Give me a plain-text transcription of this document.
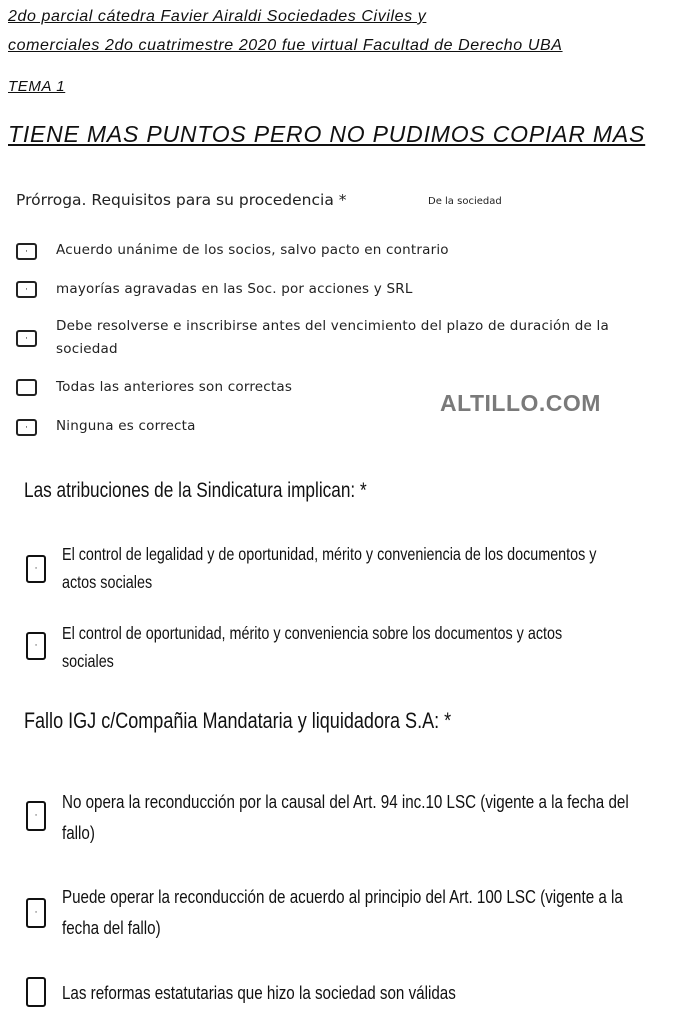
2do parcial cátedra Favier Airaldi Sociedades Civiles y
comerciales 2do cuatrimestre 2020 fue virtual Facultad de Derecho UBA
TEMA 1
TIENE MAS PUNTOS PERO NO PUDIMOS COPIAR MAS
Prórroga. Requisitos para su procedencia *	De la sociedad
· Acuerdo unánime de los socios, salvo pacto en contrario
· mayorías agravadas en las Soc. por acciones y SRL
·
Debe resolverse e inscribirse antes del vencimiento del plazo de duración de la
sociedad
Todas las anteriores son correctas
· Ninguna es correcta
ALTILLO.COM
Las atribuciones de la Sindicatura implican: *
·
El control de legalidad y de oportunidad, mérito y conveniencia de los documentos y
actos sociales
·
El control de oportunidad, mérito y conveniencia sobre los documentos y actos
sociales
Fallo IGJ c/Compañia Mandataria y liquidadora S.A: *
·
No opera la reconducción por la causal del Art. 94 inc.10 LSC (vigente a la fecha del
fallo)
·
Puede operar la reconducción de acuerdo al principio del Art. 100 LSC (vigente a la
fecha del fallo)
Las reformas estatutarias que hizo la sociedad son válidas
